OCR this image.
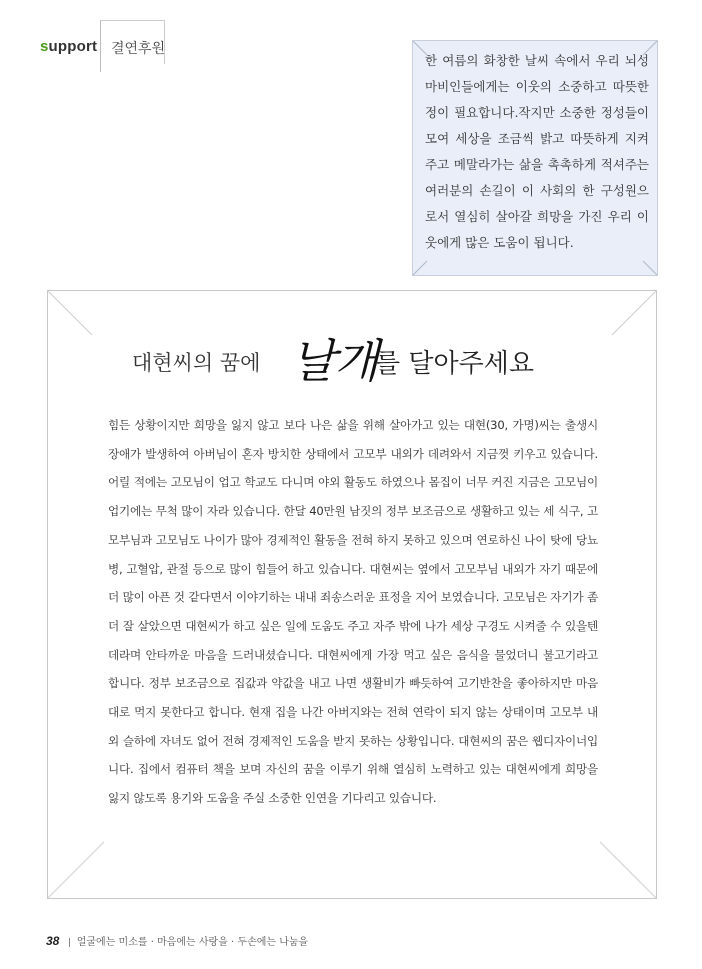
support 결연후원
한 여름의 화창한 날씨 속에서 우리 뇌성마비인들에게는 이웃의 소중하고 따뜻한 정이 필요합니다.작지만 소중한 정성들이 모여 세상을 조금씩 밝고 따뜻하게 지켜주고 메말라가는 삶을 촉촉하게 적셔주는 여러분의 손길이 이 사회의 한 구성원으로서 열심히 살아갈 희망을 가진 우리 이웃에게 많은 도움이 됩니다.
대현씨의 꿈에 날개
를 달아주세요
힘든 상황이지만 희망을 잃지 않고 보다 나은 삶을 위해 살아가고 있는 대현(30, 가명)씨는 출생시 장애가 발생하여 아버님이 혼자 방치한 상태에서 고모부 내외가 데려와서 지금껏 키우고 있습니다. 어릴 적에는 고모님이 업고 학교도 다니며 야외 활동도 하였으나 몸집이 너무 커진 지금은 고모님이 업기에는 무척 많이 자라 있습니다. 한달 40만원 남짓의 정부 보조금으로 생활하고 있는 세 식구, 고모부님과 고모님도 나이가 많아 경제적인 활동을 전혀 하지 못하고 있으며 연로하신 나이 탓에 당뇨병, 고혈압, 관절 등으로 많이 힘들어 하고 있습니다. 대현씨는 옆에서 고모부님 내외가 자기 때문에 더 많이 아픈 것 같다면서 이야기하는 내내 죄송스러운 표정을 지어 보였습니다. 고모님은 자기가 좀 더 잘 살았으면 대현씨가 하고 싶은 일에 도움도 주고 자주 밖에 나가 세상 구경도 시켜줄 수 있을텐데라며 안타까운 마음을 드러내셨습니다. 대현씨에게 가장 먹고 싶은 음식을 물었더니 불고기라고 합니다. 정부 보조금으로 집값과 약값을 내고 나면 생활비가 빠듯하여 고기반찬을 좋아하지만 마음대로 먹지 못한다고 합니다. 현재 집을 나간 아버지와는 전혀 연락이 되지 않는 상태이며 고모부 내외 슬하에 자녀도 없어 전혀 경제적인 도움을 받지 못하는 상황입니다. 대현씨의 꿈은 웹디자이너입니다. 집에서 컴퓨터 책을 보며 자신의 꿈을 이루기 위해 열심히 노력하고 있는 대현씨에게 희망을 잃지 않도록 용기와 도움을 주실 소중한 인연을 기다리고 있습니다.
38 얼굴에는 미소를 · 마음에는 사랑을 · 두손에는 나눔을
